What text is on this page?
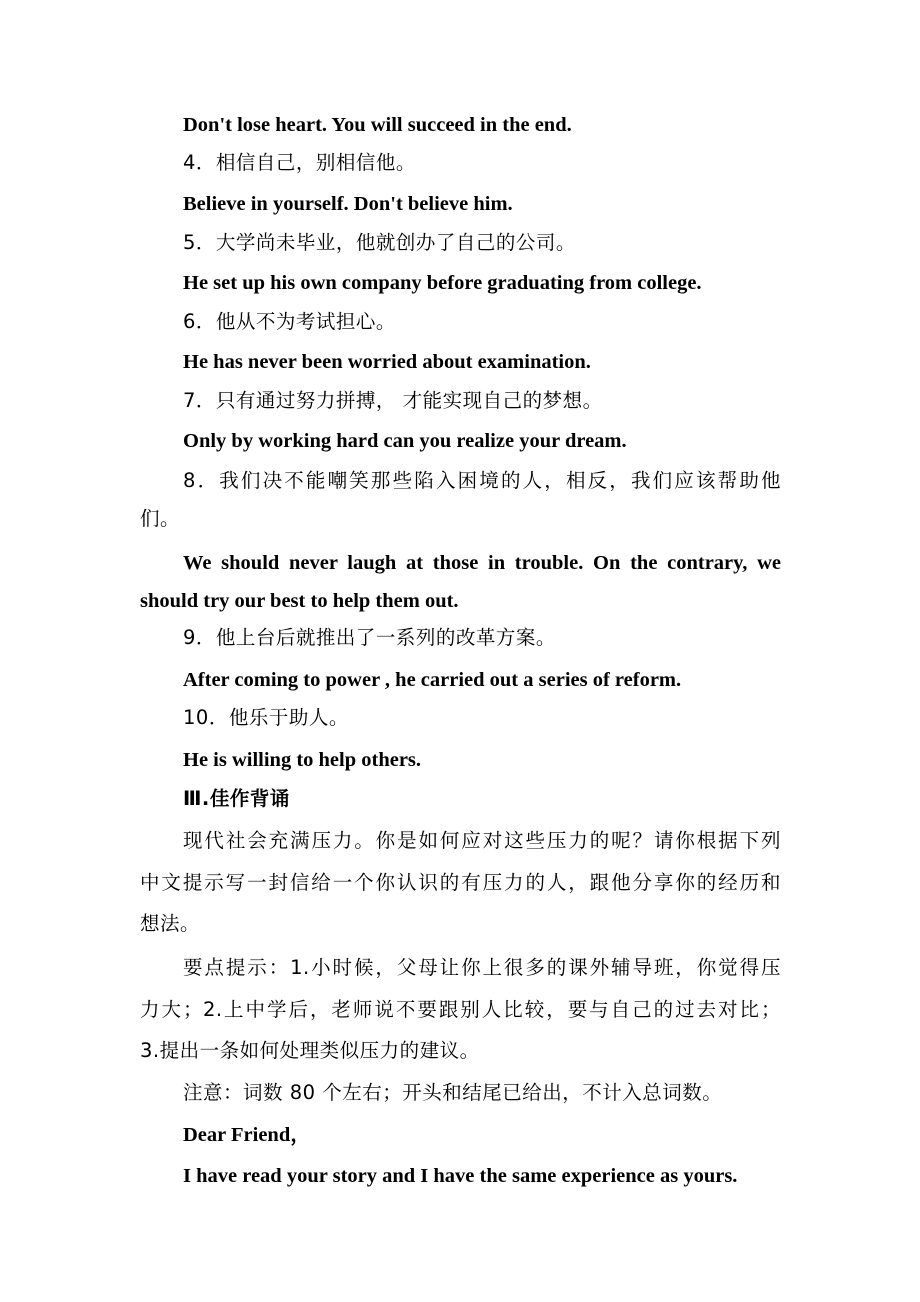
Don't lose heart. You will succeed in the end.
4．相信自己，别相信他。
Believe in yourself. Don't believe him.
5．大学尚未毕业，他就创办了自己的公司。
He set up his own company before graduating from college.
6．他从不为考试担心。
He has never been worried about examination.
7．只有通过努力拼搏， 才能实现自己的梦想。
Only by working hard can you realize your dream.
8．我们决不能嘲笑那些陷入困境的人，相反，我们应该帮助他
们。
We should never laugh at those in trouble. On the contrary, we
should try our best to help them out.
9．他上台后就推出了一系列的改革方案。
After coming to power , he carried out a series of reform.
10．他乐于助人。
He is willing to help others.
Ⅲ.佳作背诵
现代社会充满压力。你是如何应对这些压力的呢？请你根据下列
中文提示写一封信给一个你认识的有压力的人，跟他分享你的经历和
想法。
要点提示：1.小时候，父母让你上很多的课外辅导班，你觉得压
力大；2.上中学后，老师说不要跟别人比较，要与自己的过去对比；
3.提出一条如何处理类似压力的建议。
注意：词数 80 个左右；开头和结尾已给出，不计入总词数。
Dear Friend，
I have read your story and I have the same experience as yours.
